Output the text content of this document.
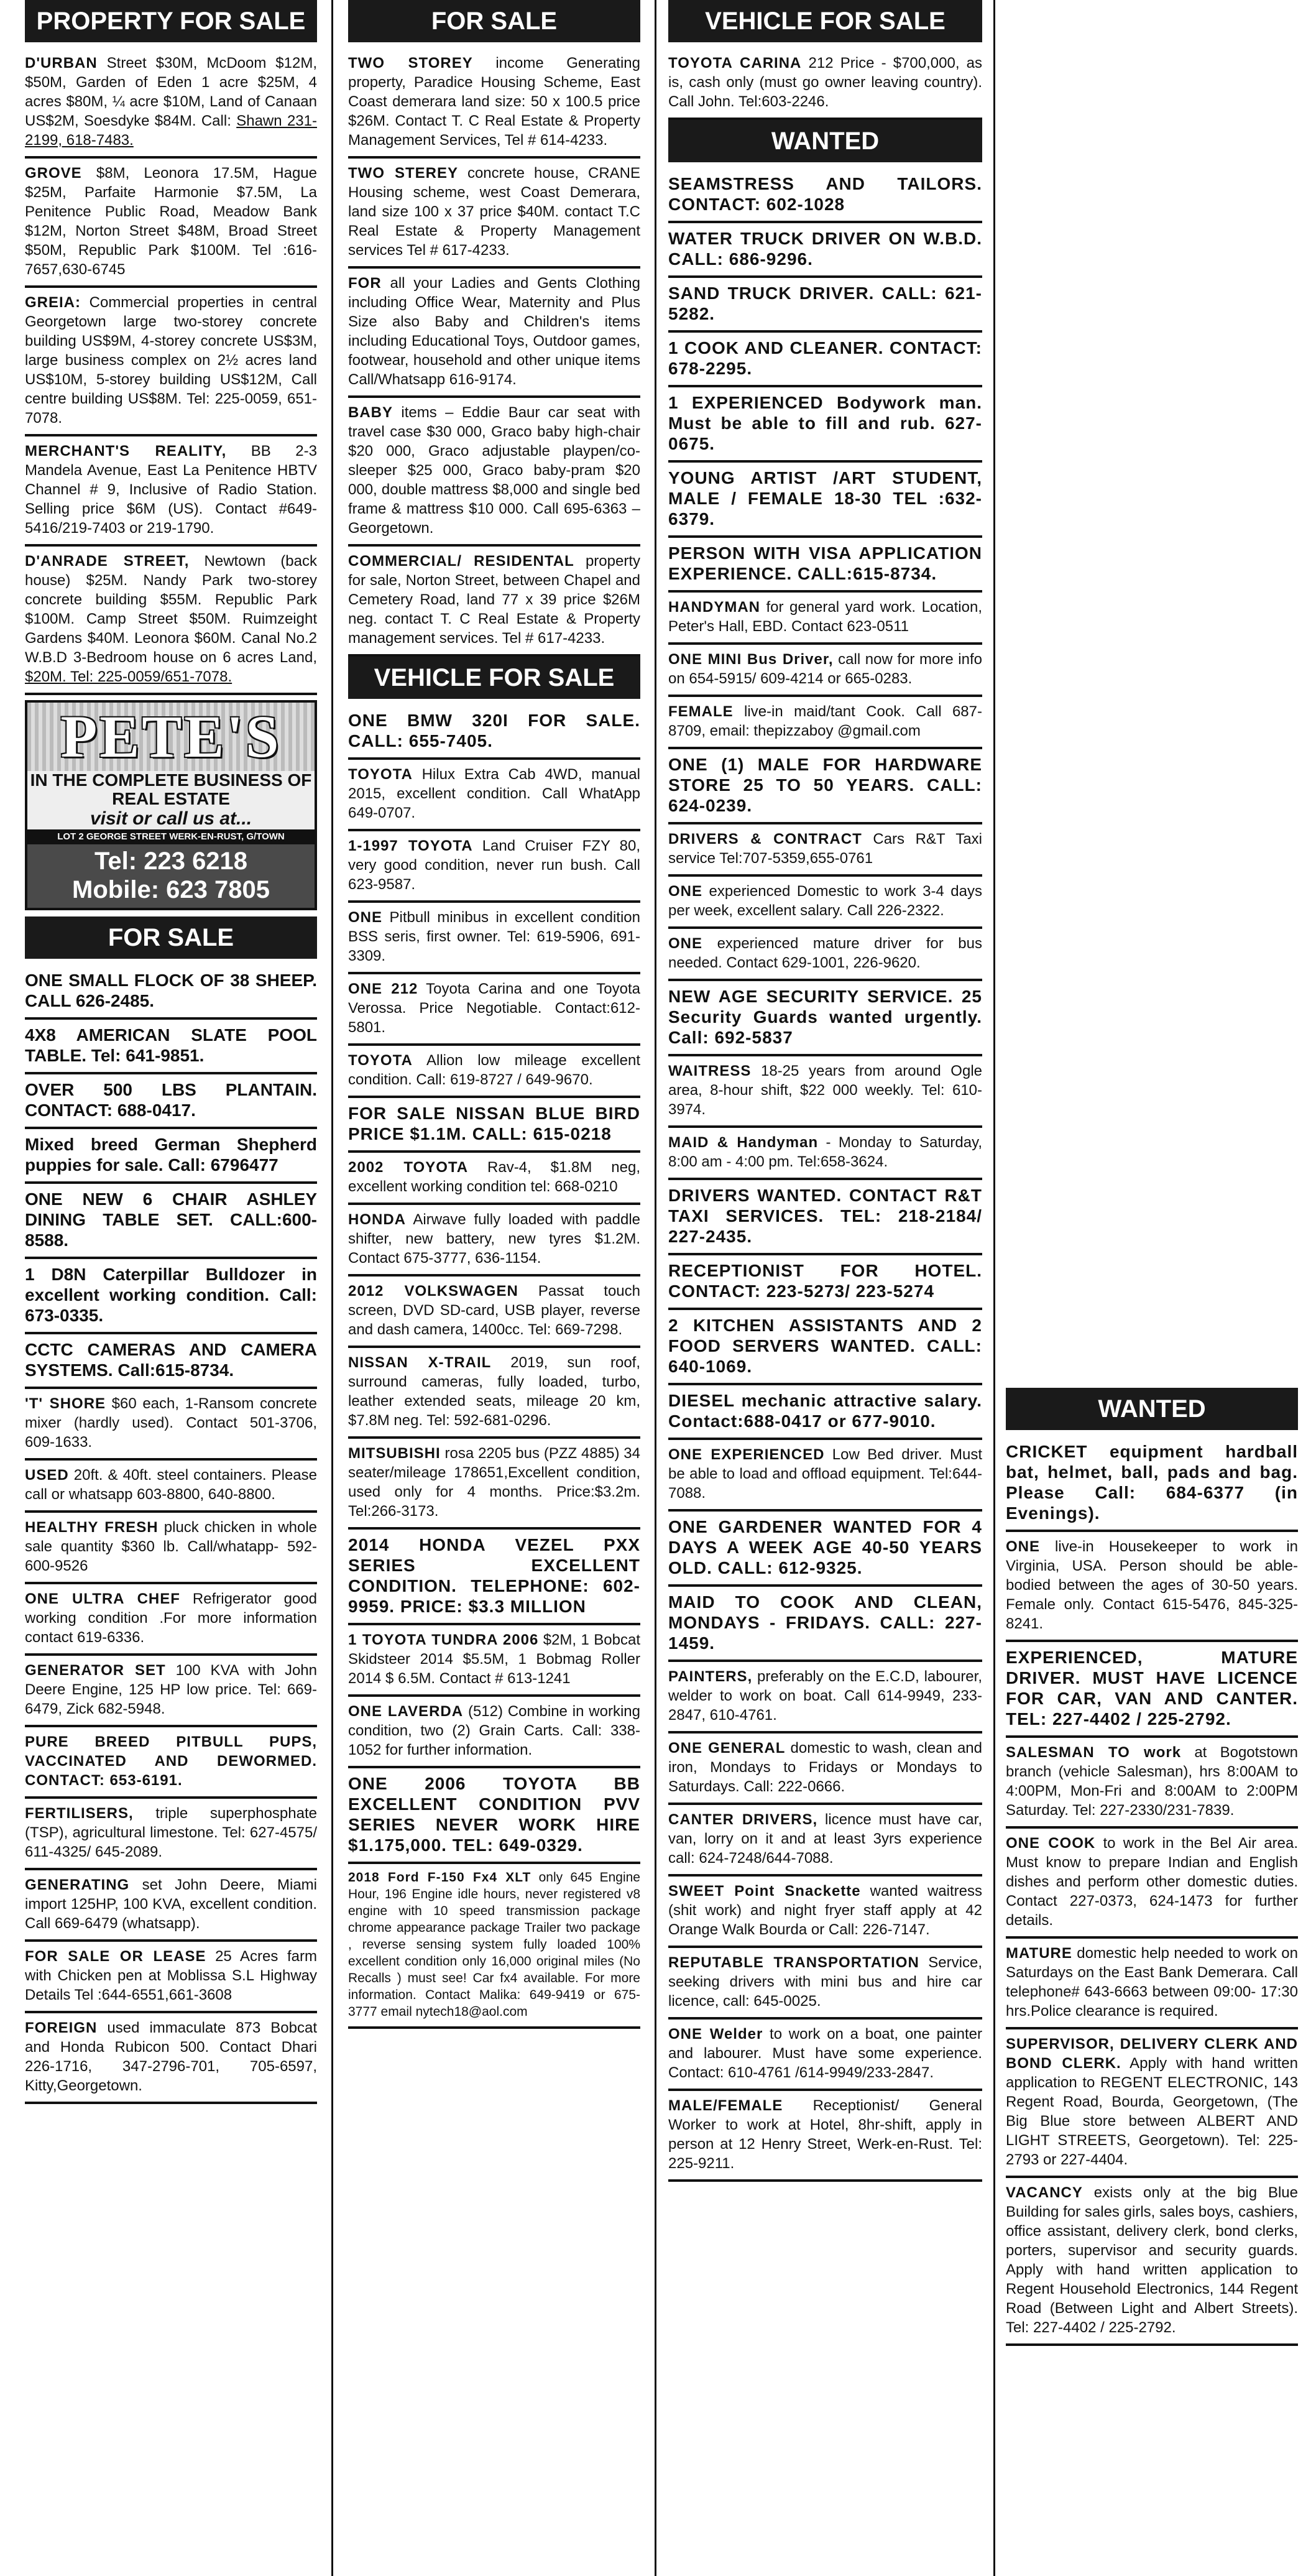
PROPERTY FOR SALE
D'URBAN Street $30M, McDoom $12M, $50M, Garden of Eden 1 acre $25M, 4 acres $80M, ¼ acre $10M, Land of Canaan US$2M, Soesdyke $84M. Call: Shawn 231-2199, 618-7483.
GROVE $8M, Leonora 17.5M, Hague $25M, Parfaite Harmonie $7.5M, La Penitence Public Road, Meadow Bank $12M, Norton Street $48M, Broad Street $50M, Republic Park $100M. Tel :616-7657,630-6745
GREIA: Commercial properties in central Georgetown large two-storey concrete building US$9M, 4-storey concrete US$3M, large business complex on 2½ acres land US$10M, 5-storey building US$12M, Call centre building US$8M. Tel: 225-0059, 651-7078.
MERCHANT'S REALITY, BB 2-3 Mandela Avenue, East La Penitence HBTV Channel # 9, Inclusive of Radio Station. Selling price $6M (US). Contact #649-5416/219-7403 or 219-1790.
D'ANRADE STREET, Newtown (back house) $25M. Nandy Park two-storey concrete building $55M. Republic Park $100M. Camp Street $50M. Ruimzeight Gardens $40M. Leonora $60M. Canal No.2 W.B.D 3-Bedroom house on 6 acres Land, $20M. Tel: 225-0059/651-7078.
PETE'S
IN THE COMPLETE BUSINESS OF REAL ESTATE
visit or call us at...
LOT 2 GEORGE STREET WERK-EN-RUST, G/TOWN
Tel: 223 6218
Mobile: 623 7805
FOR SALE
ONE SMALL FLOCK OF 38 SHEEP. CALL 626-2485.
4X8 AMERICAN SLATE POOL TABLE. Tel: 641-9851.
OVER 500 LBS PLANTAIN. CONTACT: 688-0417.
Mixed breed German Shepherd puppies for sale. Call: 6796477
ONE NEW 6 CHAIR ASHLEY DINING TABLE SET. CALL:600-8588.
1 D8N Caterpillar Bulldozer in excellent working condition. Call: 673-0335.
CCTC CAMERAS AND CAMERA SYSTEMS. Call:615-8734.
'T' SHORE $60 each, 1-Ransom concrete mixer (hardly used). Contact 501-3706, 609-1633.
USED 20ft. & 40ft. steel containers. Please call or whatsapp 603-8800, 640-8800.
HEALTHY FRESH pluck chicken in whole sale quantity $360 lb. Call/whatapp- 592-600-9526
ONE ULTRA CHEF Refrigerator good working condition .For more information contact 619-6336.
GENERATOR SET 100 KVA with John Deere Engine, 125 HP low price. Tel: 669-6479, Zick 682-5948.
PURE BREED PITBULL PUPS, VACCINATED AND DEWORMED. CONTACT: 653-6191.
FERTILISERS, triple superphosphate (TSP), agricultural limestone. Tel: 627-4575/ 611-4325/ 645-2089.
GENERATING set John Deere, Miami import 125HP, 100 KVA, excellent condition. Call 669-6479 (whatsapp).
FOR SALE OR LEASE 25 Acres farm with Chicken pen at Moblissa S.L Highway Details Tel :644-6551,661-3608
FOREIGN used immaculate 873 Bobcat and Honda Rubicon 500. Contact Dhari 226-1716, 347-2796-701, 705-6597, Kitty,Georgetown.
FOR SALE
TWO STOREY income Generating property, Paradice Housing Scheme, East Coast demerara land size: 50 x 100.5 price $26M. Contact T. C Real Estate & Property Management Services, Tel # 614-4233.
TWO STEREY concrete house, CRANE Housing scheme, west Coast Demerara, land size 100 x 37 price $40M. contact T.C Real Estate & Property Management services Tel # 617-4233.
FOR all your Ladies and Gents Clothing including Office Wear, Maternity and Plus Size also Baby and Children's items including Educational Toys, Outdoor games, footwear, household and other unique items Call/Whatsapp 616-9174.
BABY items – Eddie Baur car seat with travel case $30 000, Graco baby high-chair $20 000, Graco adjustable playpen/co-sleeper $25 000, Graco baby-pram $20 000, double mattress $8,000 and single bed frame & mattress $10 000. Call 695-6363 – Georgetown.
COMMERCIAL/ RESIDENTAL property for sale, Norton Street, between Chapel and Cemetery Road, land 77 x 39 price $26M neg. contact T. C Real Estate & Property management services. Tel # 617-4233.
VEHICLE FOR SALE
ONE BMW 320I FOR SALE. CALL: 655-7405.
TOYOTA Hilux Extra Cab 4WD, manual 2015, excellent condition. Call WhatApp 649-0707.
1-1997 TOYOTA Land Cruiser FZY 80, very good condition, never run bush. Call 623-9587.
ONE Pitbull minibus in excellent condition BSS seris, first owner. Tel: 619-5906, 691-3309.
ONE 212 Toyota Carina and one Toyota Verossa. Price Negotiable. Contact:612-5801.
TOYOTA Allion low mileage excellent condition. Call: 619-8727 / 649-9670.
FOR SALE NISSAN BLUE BIRD PRICE $1.1M. CALL: 615-0218
2002 TOYOTA Rav-4, $1.8M neg, excellent working condition tel: 668-0210
HONDA Airwave fully loaded with paddle shifter, new battery, new tyres $1.2M. Contact 675-3777, 636-1154.
2012 VOLKSWAGEN Passat touch screen, DVD SD-card, USB player, reverse and dash camera, 1400cc. Tel: 669-7298.
NISSAN X-TRAIL 2019, sun roof, surround cameras, fully loaded, turbo, leather extended seats, mileage 20 km, $7.8M neg. Tel: 592-681-0296.
MITSUBISHI rosa 2205 bus (PZZ 4885) 34 seater/mileage 178651,Excellent condition, used only for 4 months. Price:$3.2m. Tel:266-3173.
2014 HONDA VEZEL PXX SERIES EXCELLENT CONDITION. TELEPHONE: 602-9959. PRICE: $3.3 MILLION
1 TOYOTA TUNDRA 2006 $2M, 1 Bobcat Skidsteer 2014 $5.5M, 1 Bobmag Roller 2014 $ 6.5M. Contact # 613-1241
ONE LAVERDA (512) Combine in working condition, two (2) Grain Carts. Call: 338-1052 for further information.
ONE 2006 TOYOTA BB EXCELLENT CONDITION PVV SERIES NEVER WORK HIRE $1.175,000. TEL: 649-0329.
2018 Ford F-150 Fx4 XLT only 645 Engine Hour, 196 Engine idle hours, never registered v8 engine with 10 speed transmission package chrome appearance package Trailer two package , reverse sensing system fully loaded 100% excellent condition only 16,000 original miles (No Recalls ) must see! Car fx4 available. For more information. Contact Malika: 649-9419 or 675-3777 email nytech18@aol.com
VEHICLE FOR SALE
TOYOTA CARINA 212 Price - $700,000, as is, cash only (must go owner leaving country). Call John. Tel:603-2246.
WANTED
SEAMSTRESS AND TAILORS. CONTACT: 602-1028
WATER TRUCK DRIVER ON W.B.D. CALL: 686-9296.
SAND TRUCK DRIVER. CALL: 621-5282.
1 COOK AND CLEANER. CONTACT: 678-2295.
1 EXPERIENCED Bodywork man. Must be able to fill and rub. 627-0675.
YOUNG ARTIST /ART STUDENT, MALE / FEMALE 18-30 TEL :632-6379.
PERSON WITH VISA APPLICATION EXPERIENCE. CALL:615-8734.
HANDYMAN for general yard work. Location, Peter's Hall, EBD. Contact 623-0511
ONE MINI Bus Driver, call now for more info on 654-5915/ 609-4214 or 665-0283.
FEMALE live-in maid/tant Cook. Call 687-8709, email: thepizzaboy @gmail.com
ONE (1) MALE FOR HARDWARE STORE 25 TO 50 YEARS. CALL: 624-0239.
DRIVERS & CONTRACT Cars R&T Taxi service Tel:707-5359,655-0761
ONE experienced Domestic to work 3-4 days per week, excellent salary. Call 226-2322.
ONE experienced mature driver for bus needed. Contact 629-1001, 226-9620.
NEW AGE SECURITY SERVICE. 25 Security Guards wanted urgently. Call: 692-5837
WAITRESS 18-25 years from around Ogle area, 8-hour shift, $22 000 weekly. Tel: 610-3974.
MAID & Handyman - Monday to Saturday, 8:00 am - 4:00 pm. Tel:658-3624.
DRIVERS WANTED. CONTACT R&T TAXI SERVICES. TEL: 218-2184/ 227-2435.
RECEPTIONIST FOR HOTEL. CONTACT: 223-5273/ 223-5274
2 KITCHEN ASSISTANTS AND 2 FOOD SERVERS WANTED. CALL: 640-1069.
DIESEL mechanic attractive salary. Contact:688-0417 or 677-9010.
ONE EXPERIENCED Low Bed driver. Must be able to load and offload equipment. Tel:644-7088.
ONE GARDENER WANTED FOR 4 DAYS A WEEK AGE 40-50 YEARS OLD. CALL: 612-9325.
MAID TO COOK AND CLEAN, MONDAYS - FRIDAYS. CALL: 227-1459.
PAINTERS, preferably on the E.C.D, labourer, welder to work on boat. Call 614-9949, 233-2847, 610-4761.
ONE GENERAL domestic to wash, clean and iron, Mondays to Fridays or Mondays to Saturdays. Call: 222-0666.
CANTER DRIVERS, licence must have car, van, lorry on it and at least 3yrs experience call: 624-7248/644-7088.
SWEET Point Snackette wanted waitress (shit work) and night fryer staff apply at 42 Orange Walk Bourda or Call: 226-7147.
REPUTABLE TRANSPORTATION Service, seeking drivers with mini bus and hire car licence, call: 645-0025.
ONE Welder to work on a boat, one painter and labourer. Must have some experience. Contact: 610-4761 /614-9949/233-2847.
MALE/FEMALE Receptionist/ General Worker to work at Hotel, 8hr-shift, apply in person at 12 Henry Street, Werk-en-Rust. Tel: 225-9211.
WANTED
CRICKET equipment hardball bat, helmet, ball, pads and bag. Please Call: 684-6377 (in Evenings).
ONE live-in Housekeeper to work in Virginia, USA. Person should be able-bodied between the ages of 30-50 years. Female only. Contact 615-5476, 845-325-8241.
EXPERIENCED, MATURE DRIVER. MUST HAVE LICENCE FOR CAR, VAN AND CANTER. TEL: 227-4402 / 225-2792.
SALESMAN TO work at Bogotstown branch (vehicle Salesman), hrs 8:00AM to 4:00PM, Mon-Fri and 8:00AM to 2:00PM Saturday. Tel: 227-2330/231-7839.
ONE COOK to work in the Bel Air area. Must know to prepare Indian and English dishes and perform other domestic duties. Contact 227-0373, 624-1473 for further details.
MATURE domestic help needed to work on Saturdays on the East Bank Demerara. Call telephone# 643-6663 between 09:00- 17:30 hrs.Police clearance is required.
SUPERVISOR, DELIVERY CLERK AND BOND CLERK. Apply with hand written application to REGENT ELECTRONIC, 143 Regent Road, Bourda, Georgetown, (The Big Blue store between ALBERT AND LIGHT STREETS, Georgetown). Tel: 225-2793 or 227-4404.
VACANCY exists only at the big Blue Building for sales girls, sales boys, cashiers, office assistant, delivery clerk, bond clerks, porters, supervisor and security guards. Apply with hand written application to Regent Household Electronics, 144 Regent Road (Between Light and Albert Streets). Tel: 227-4402 / 225-2792.
